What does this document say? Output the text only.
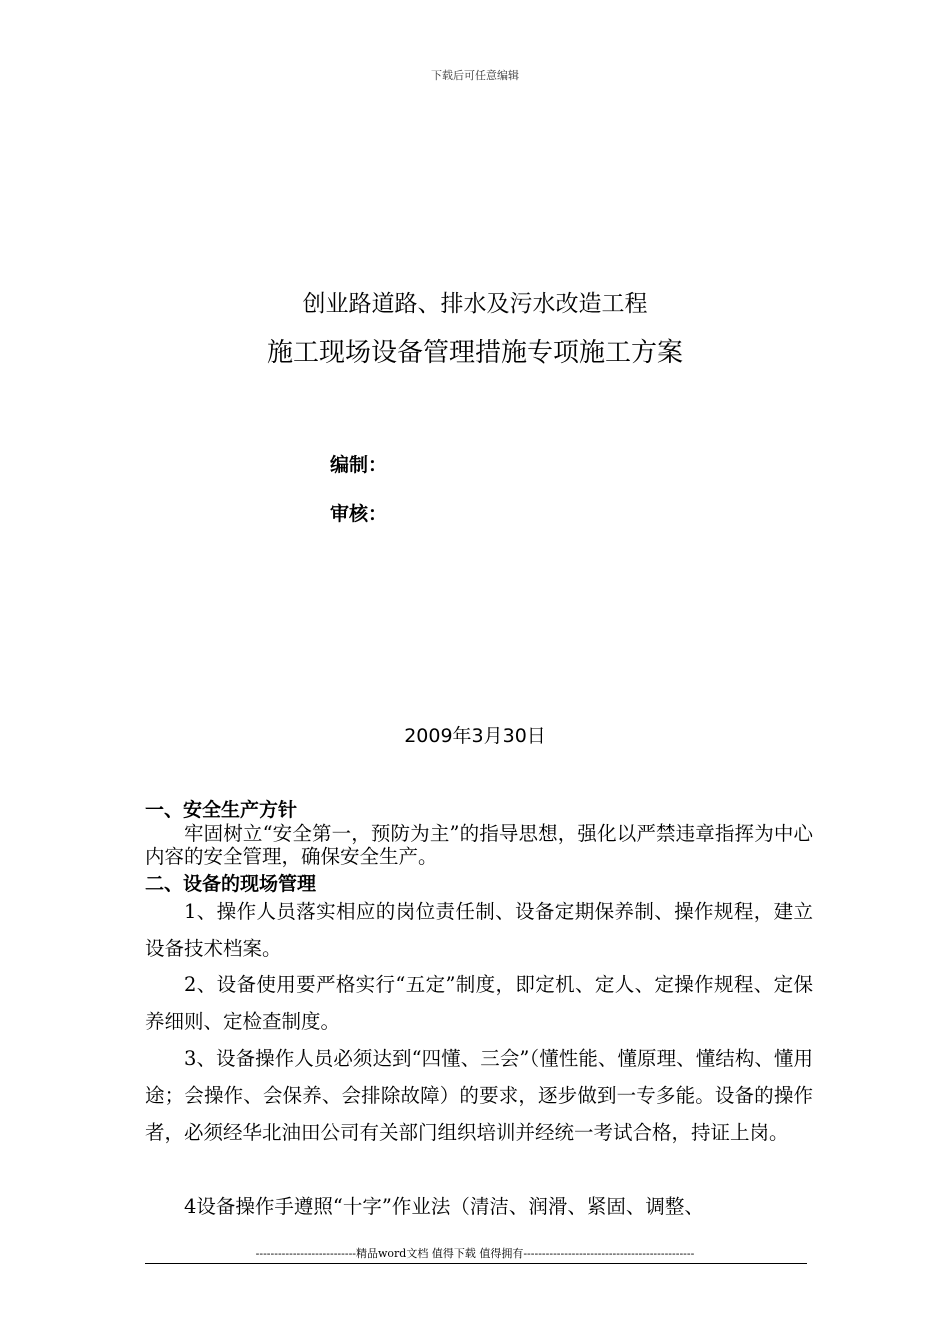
下载后可任意编辑
创业路道路、排水及污水改造工程
施工现场设备管理措施专项施工方案
编制：
审核：
2009年3月30日
一、安全生产方针
牢固树立“安全第一，预防为主”的指导思想，强化以严禁违章指挥为中心内容的安全管理，确保安全生产。
二、设备的现场管理
1、操作人员落实相应的岗位责任制、设备定期保养制、操作规程，建立设备技术档案。
2、设备使用要严格实行“五定”制度，即定机、定人、定操作规程、定保养细则、定检查制度。
3、设备操作人员必须达到“四懂、三会”（懂性能、懂原理、懂结构、懂用途；会操作、会保养、会排除故障）的要求，逐步做到一专多能。设备的操作者，必须经华北油田公司有关部门组织培训并经统一考试合格，持证上岗。
4设备操作手遵照“十字”作业法（清洁、润滑、紧固、调整、
---------------------------精品word文档 值得下载 值得拥有----------------------------------------------
